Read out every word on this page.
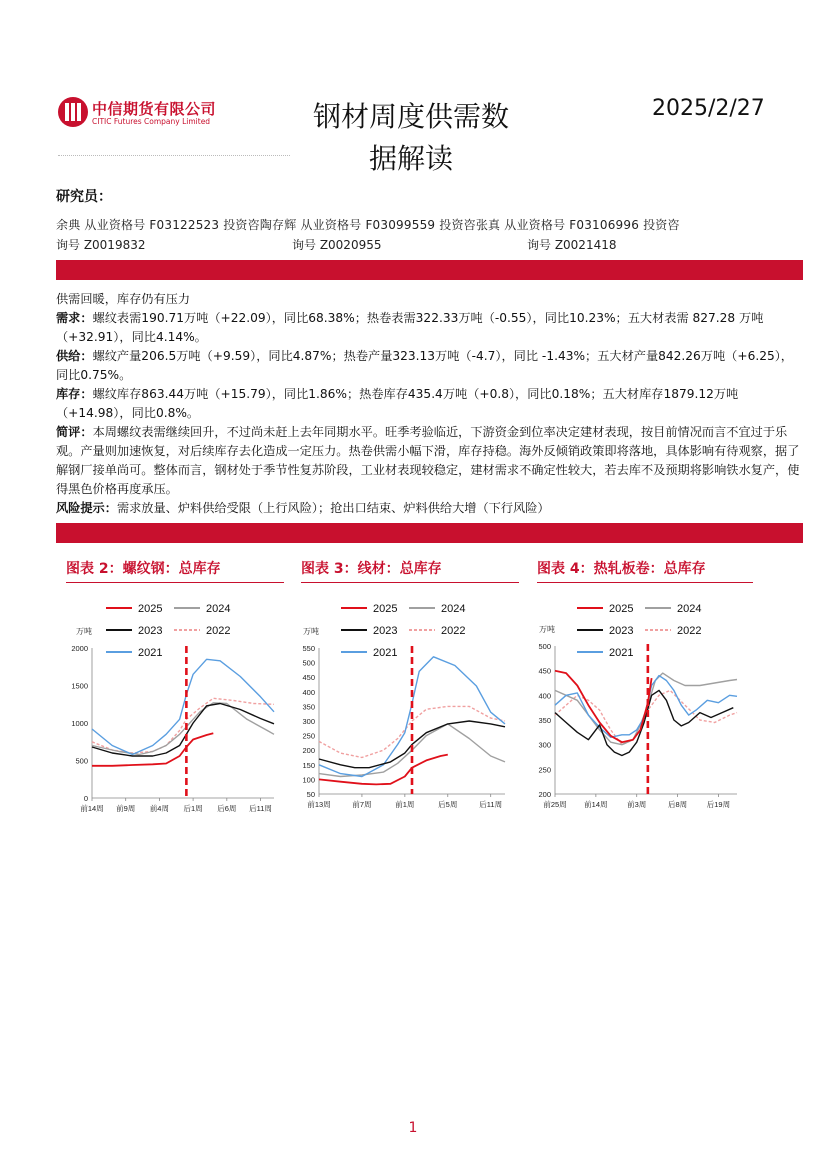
中信期货有限公司
CITIC Futures Company Limited	钢材周度供需数
据解读
2025/2/27
研究员：
余典 从业资格号 F03122523 投资咨陶存辉 从业资格号 F03099559 投资咨张真 从业资格号 F03106996 投资咨
询号 Z0019832	询号 Z0020955	询号 Z0021418

供需回暖，库存仍有压力

需求：螺纹表需190.71万吨（+22.09），同比68.38%；热卷表需322.33万吨（-0.55），同比10.23%；五大材表需 827.28 万吨（+32.91），同比4.14%。

供给：螺纹产量206.5万吨（+9.59），同比4.87%；热卷产量323.13万吨（-4.7），同比 -1.43%；五大材产量842.26万吨（+6.25），同比0.75%。

库存：螺纹库存863.44万吨（+15.79），同比1.86%；热卷库存435.4万吨（+0.8），同比0.18%；五大材库存1879.12万吨（+14.98），同比0.8%。

简评：本周螺纹表需继续回升，不过尚未赶上去年同期水平。旺季考验临近，下游资金到位率决定建材表现，按目前情况而言不宜过于乐观。产量则加速恢复，对后续库存去化造成一定压力。热卷供需小幅下滑，库存持稳。海外反倾销政策即将落地，具体影响有待观察，据了解钢厂接单尚可。整体而言，钢材处于季节性复苏阶段，工业材表现较稳定，建材需求不确定性较大，若去库不及预期将影响铁水复产，使得黑色价格再度承压。

风险提示：需求放量、炉料供给受限（上行风险）；抢出口结束、炉料供给大增（下行风险）

图表 2：螺纹钢：总库存
2025	2024
2023	2022
2021
万吨
0
500
1000
1500
2000
前14周 前9周 前4周 后1周 后6周 后11周
图表 3：线材：总库存
2025	2024
2023	2022
2021
万吨
50
100
150
200
250
300
350
400
450
500
550
前13周	前7周	前1周	后5周	后11周
图表 4：热轧板卷：总库存
2025	2024
2023	2022
2021
万吨
200
250
300
350
400
450
500
前25周 前14周	前3周	后8周	后19周
1
